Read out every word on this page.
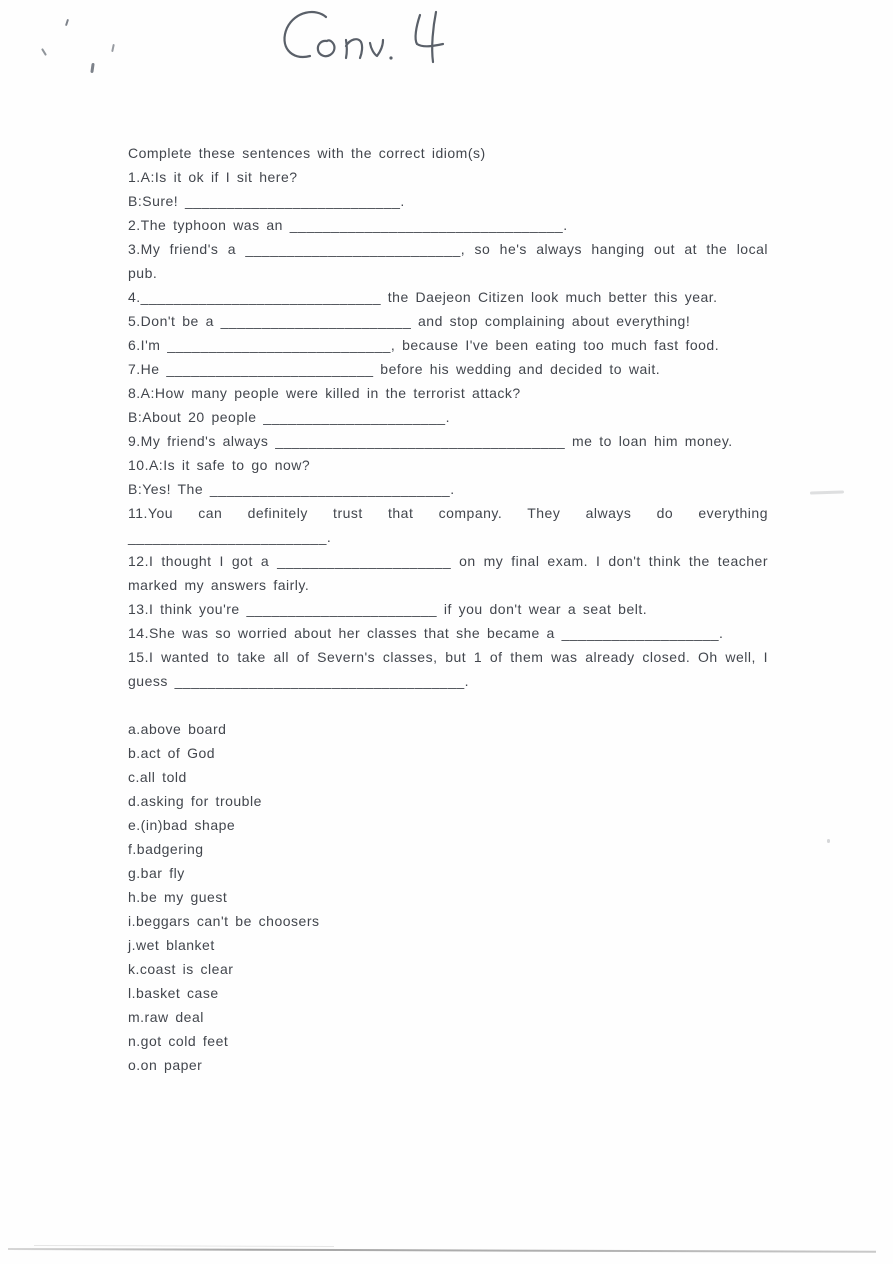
Complete these sentences with the correct idiom(s)

1.A:Is it ok if I sit here?

B:Sure! __________________________.

2.The typhoon was an _________________________________.

3.My friend's a __________________________, so he's always hanging out at the local pub.

4._____________________________ the Daejeon Citizen look much better this year.

5.Don't be a _______________________ and stop complaining about everything!

6.I'm ___________________________, because I've been eating too much fast food.

7.He _________________________ before his wedding and decided to wait.

8.A:How many people were killed in the terrorist attack?

B:About 20 people ______________________.

9.My friend's always ___________________________________ me to loan him money.

10.A:Is it safe to go now?

B:Yes! The _____________________________.

11.You can definitely trust that company. They always do everything ________________________.

12.I thought I got a _____________________ on my final exam. I don't think the teacher marked my answers fairly.

13.I think you're _______________________ if you don't wear a seat belt.

14.She was so worried about her classes that she became a ___________________.

15.I wanted to take all of Severn's classes, but 1 of them was already closed. Oh well, I guess ___________________________________.

a.above board

b.act of God

c.all told

d.asking for trouble

e.(in)bad shape

f.badgering

g.bar fly

h.be my guest

i.beggars can't be choosers

j.wet blanket

k.coast is clear

l.basket case

m.raw deal

n.got cold feet

o.on paper
